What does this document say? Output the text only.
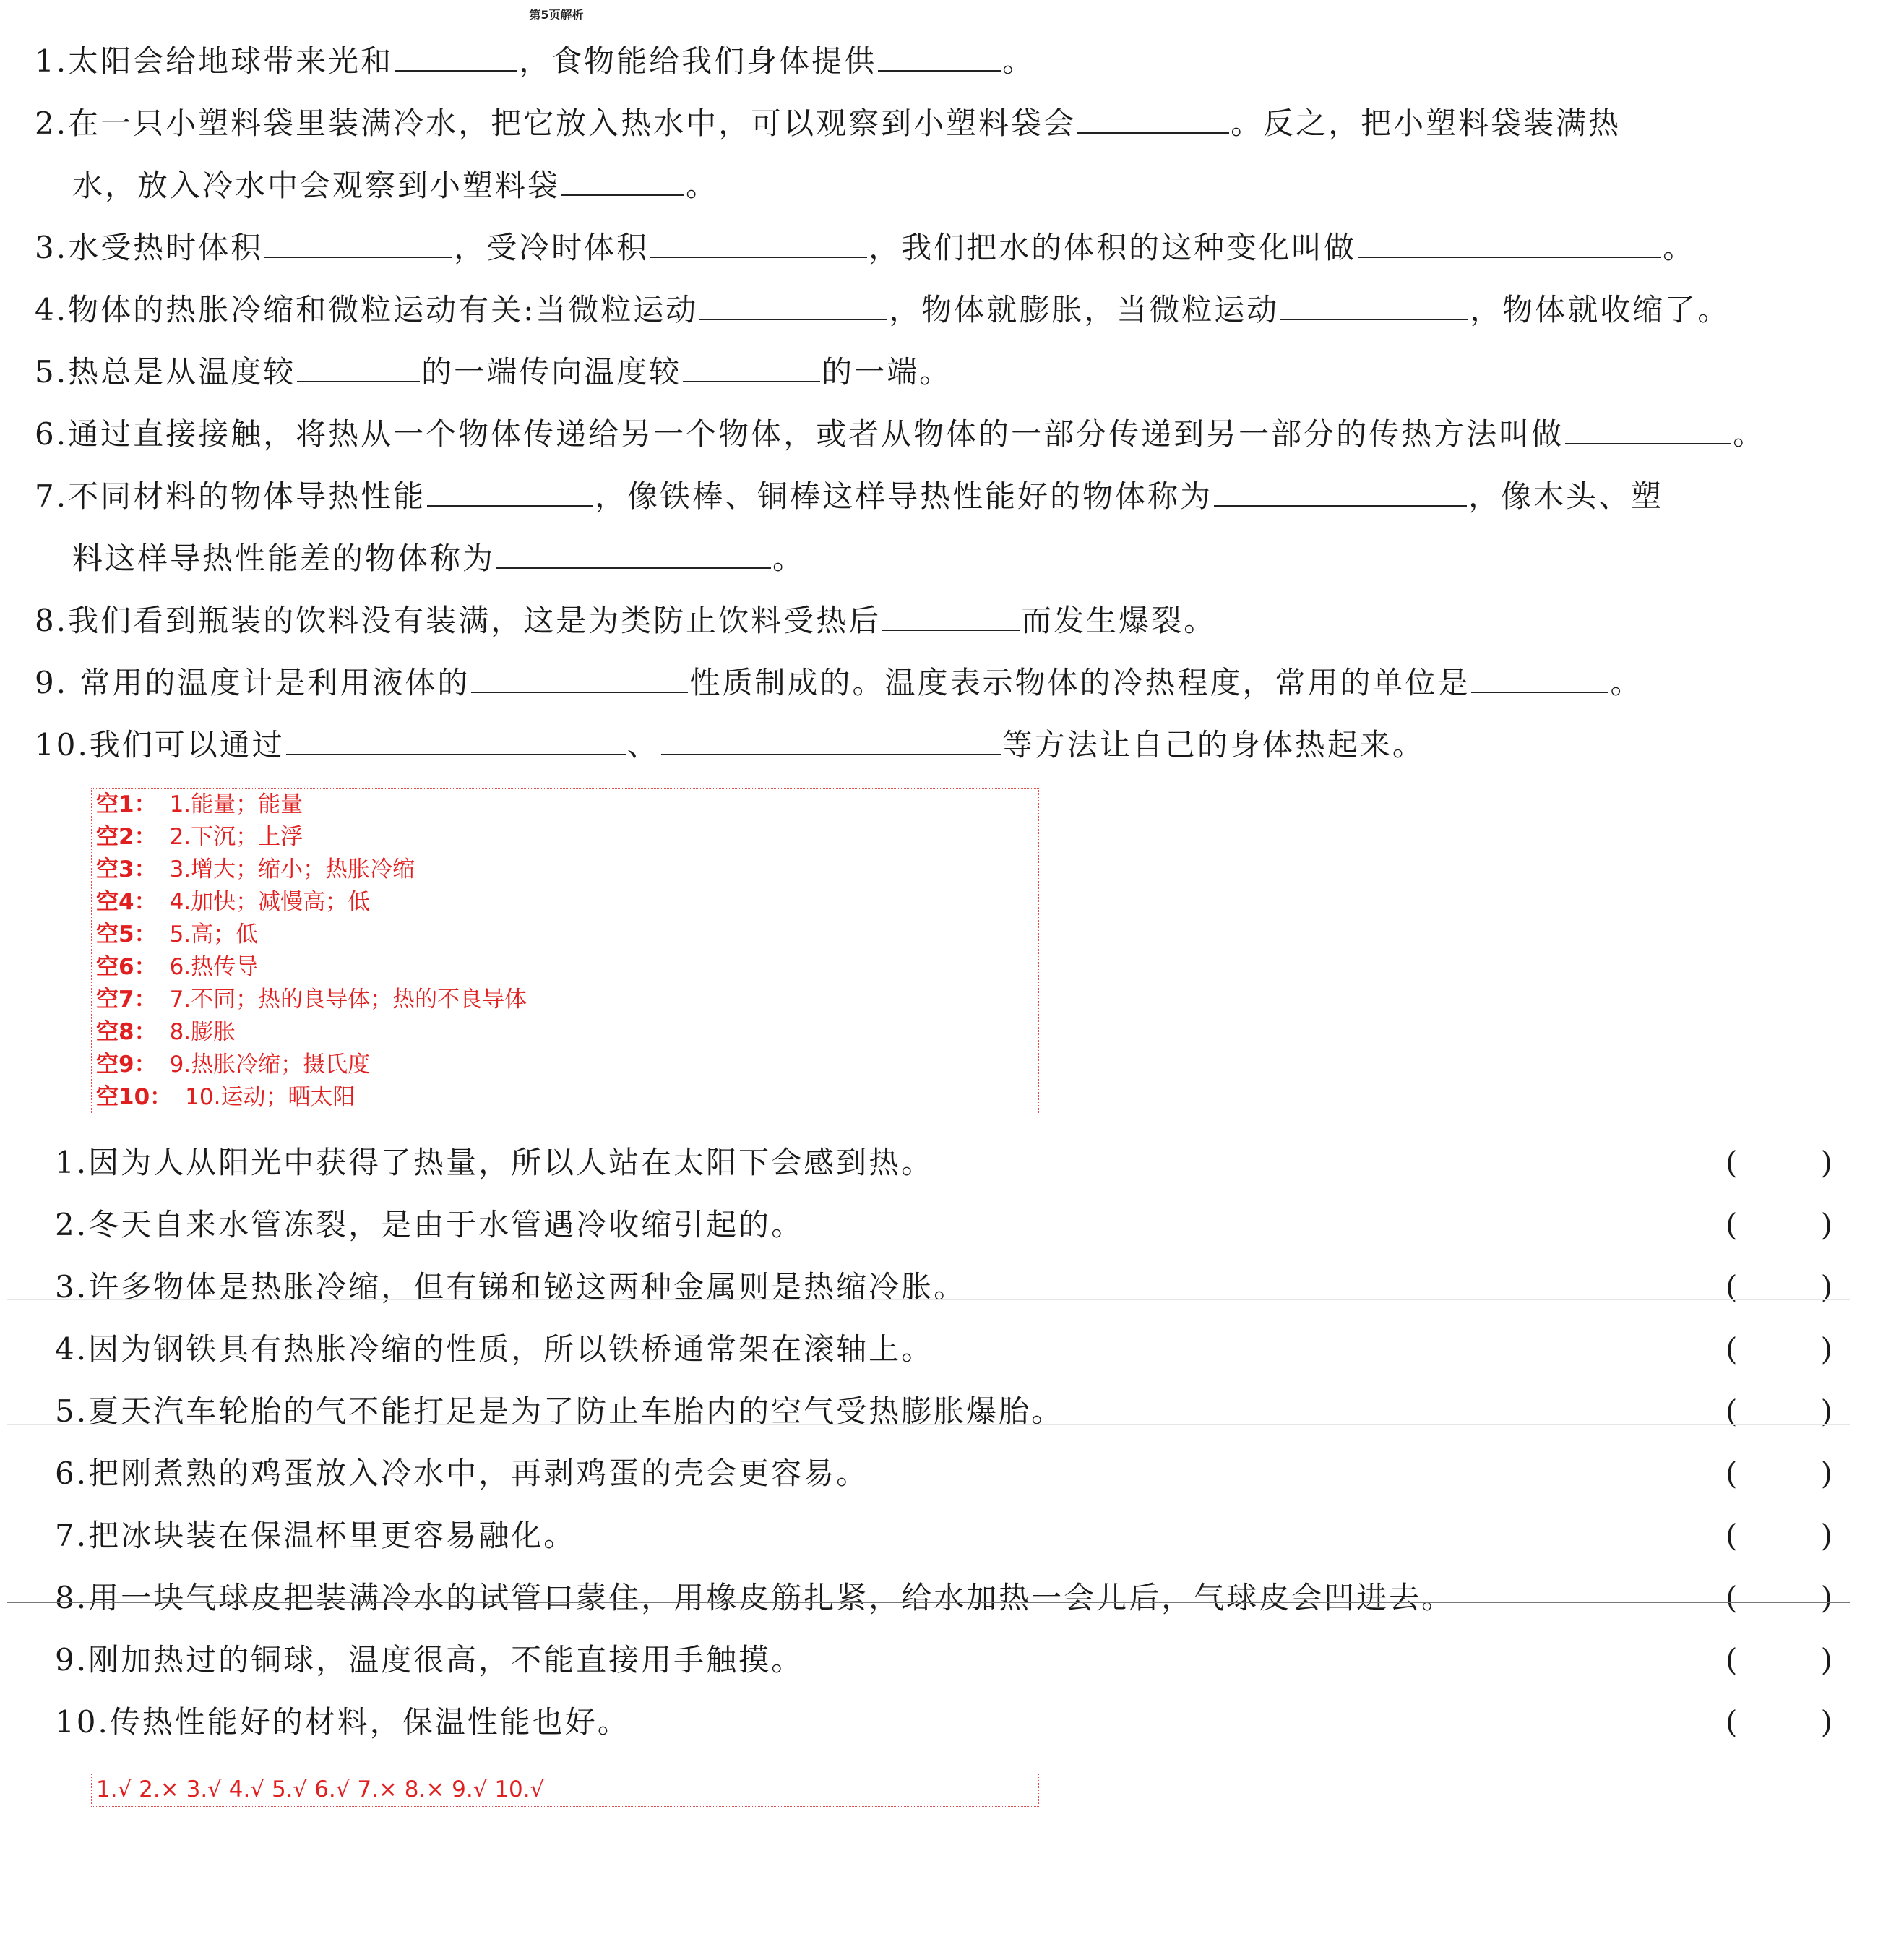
第5页解析
1.太阳会给地球带来光和	，食物能给我们身体提供	。
2.在一只小塑料袋里装满冷水，把它放入热水中，可以观察到小塑料袋会	。反之，把小塑料袋装满热
水，放入冷水中会观察到小塑料袋	。
3.水受热时体积	，受冷时体积	，我们把水的体积的这种变化叫做	。
4.物体的热胀冷缩和微粒运动有关:当微粒运动	，物体就膨胀，当微粒运动	，物体就收缩了。
5.热总是从温度较	的一端传向温度较	的一端。
6.通过直接接触，将热从一个物体传递给另一个物体，或者从物体的一部分传递到另一部分的传热方法叫做	。
7.不同材料的物体导热性能	，像铁棒、铜棒这样导热性能好的物体称为	，像木头、塑
料这样导热性能差的物体称为	。
8.我们看到瓶装的饮料没有装满，这是为类防止饮料受热后	而发生爆裂。
9. 常用的温度计是利用液体的	性质制成的。温度表示物体的冷热程度，常用的单位是	。
10.我们可以通过	、	等方法让自己的身体热起来。
空1： 1.能量；能量
空2： 2.下沉；上浮
空3： 3.增大；缩小；热胀冷缩
空4： 4.加快；减慢高；低
空5： 5.高；低
空6： 6.热传导
空7： 7.不同；热的良导体；热的不良导体
空8： 8.膨胀
空9： 9.热胀冷缩；摄氏度
空10： 10.运动；晒太阳
1.因为人从阳光中获得了热量，所以人站在太阳下会感到热。	(	)
2.冬天自来水管冻裂，是由于水管遇冷收缩引起的。	(	)
3.许多物体是热胀冷缩，但有锑和铋这两种金属则是热缩冷胀。	(	)
4.因为钢铁具有热胀冷缩的性质，所以铁桥通常架在滚轴上。	(	)
5.夏天汽车轮胎的气不能打足是为了防止车胎内的空气受热膨胀爆胎。	(	)
6.把刚煮熟的鸡蛋放入冷水中，再剥鸡蛋的壳会更容易。	(	)
7.把冰块装在保温杯里更容易融化。	(	)
8.用一块气球皮把装满冷水的试管口蒙住，用橡皮筋扎紧，给水加热一会儿后，气球皮会凹进去。	(	)
9.刚加热过的铜球，温度很高，不能直接用手触摸。	(	)
10.传热性能好的材料，保温性能也好。	(	)
1.√ 2.× 3.√ 4.√ 5.√ 6.√ 7.× 8.× 9.√ 10.√
